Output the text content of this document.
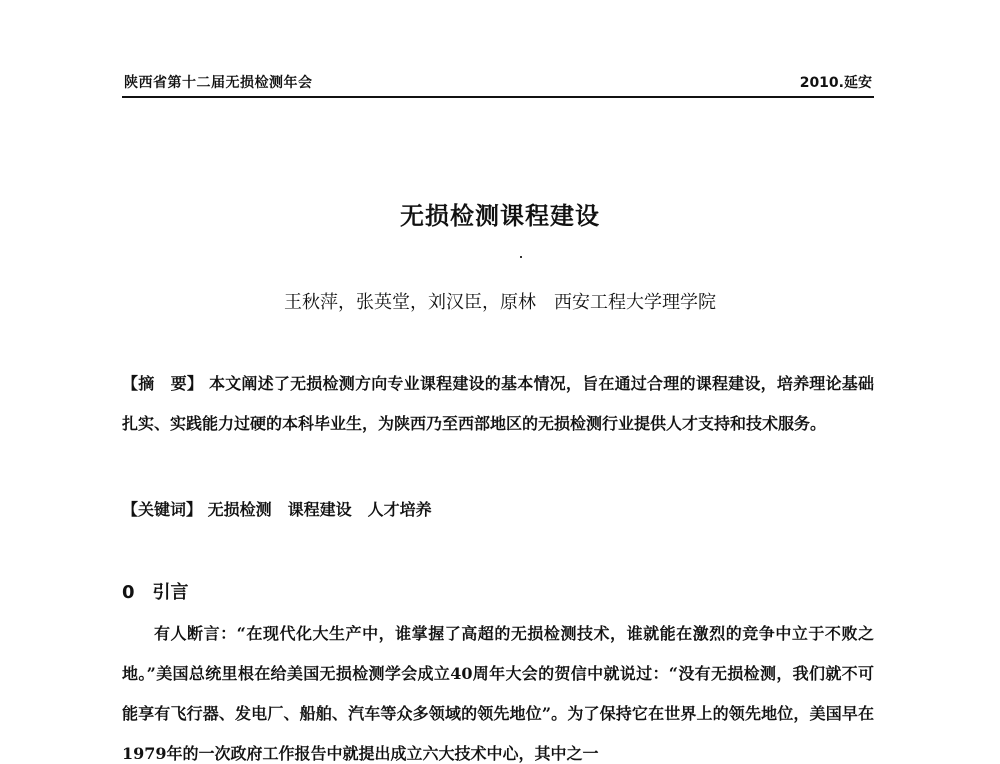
陕西省第十二届无损检测年会	2010.延安
无损检测课程建设
王秋萍，张英堂，刘汉臣，原林　西安工程大学理学院
【摘　要】 本文阐述了无损检测方向专业课程建设的基本情况，旨在通过合理的课程建设，培养理论基础扎实、实践能力过硬的本科毕业生，为陕西乃至西部地区的无损检测行业提供人才支持和技术服务。
【关键词】 无损检测　课程建设　人才培养
0　引言
有人断言：“在现代化大生产中，谁掌握了高超的无损检测技术，谁就能在激烈的竞争中立于不败之地。”美国总统里根在给美国无损检测学会成立40周年大会的贺信中就说过：“没有无损检测，我们就不可能享有飞行器、发电厂、船舶、汽车等众多领域的领先地位”。为了保持它在世界上的领先地位，美国早在1979年的一次政府工作报告中就提出成立六大技术中心，其中之一
